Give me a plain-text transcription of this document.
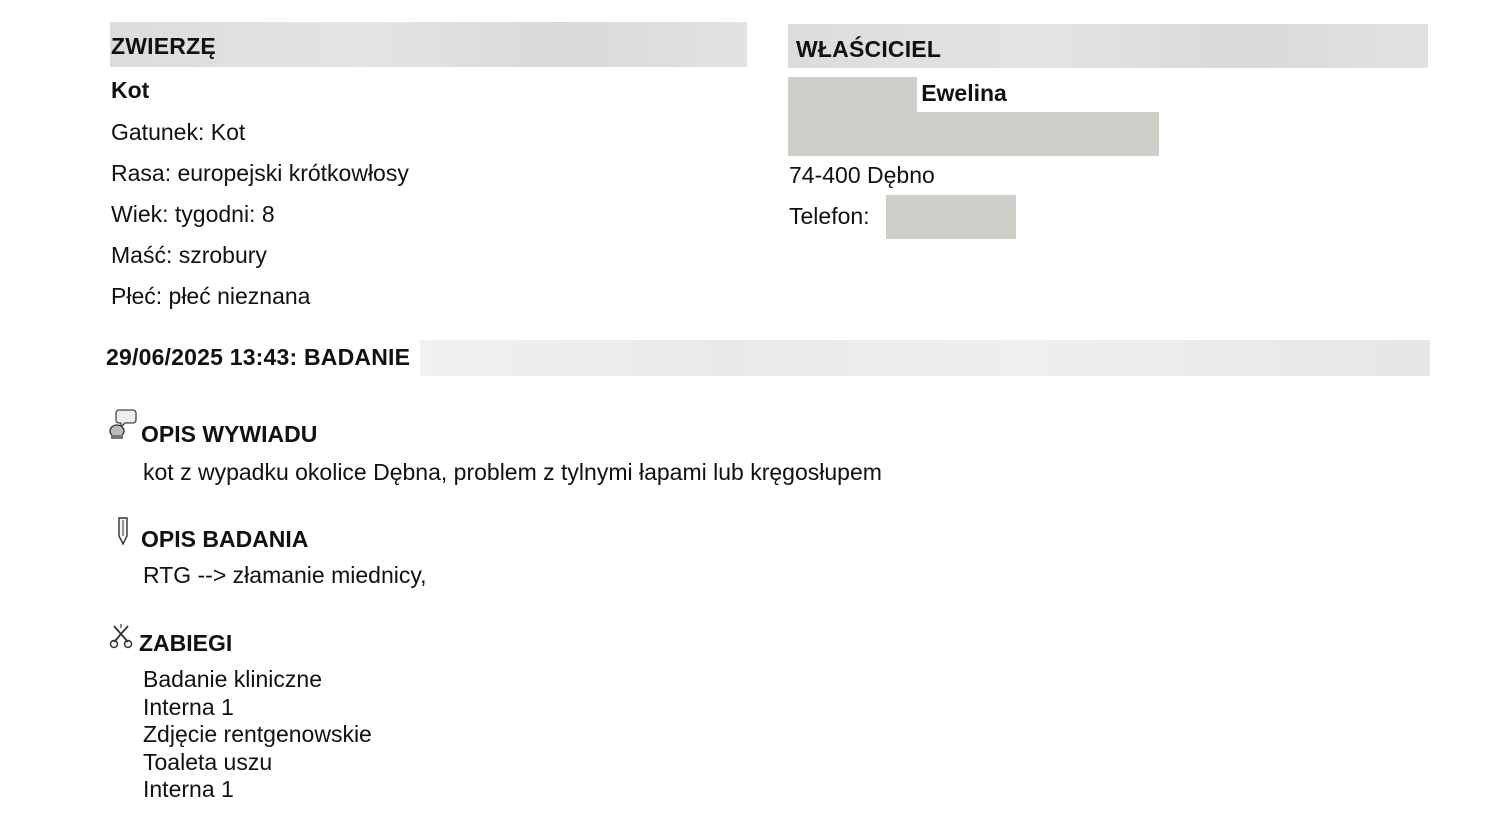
ZWIERZĘ	WŁAŚCICIEL
Kot
Gatunek: Kot
Rasa: europejski krótkowłosy
Wiek: tygodni: 8
Maść: szrobury
Płeć: płeć nieznana
Ewelina
74-400 Dębno
Telefon:
29/06/2025 13:43: BADANIE
OPIS WYWIADU
kot z wypadku okolice Dębna, problem z tylnymi łapami lub kręgosłupem
OPIS BADANIA
RTG --> złamanie miednicy,
ZABIEGI
Badanie kliniczne
Interna 1
Zdjęcie rentgenowskie
Toaleta uszu
Interna 1
